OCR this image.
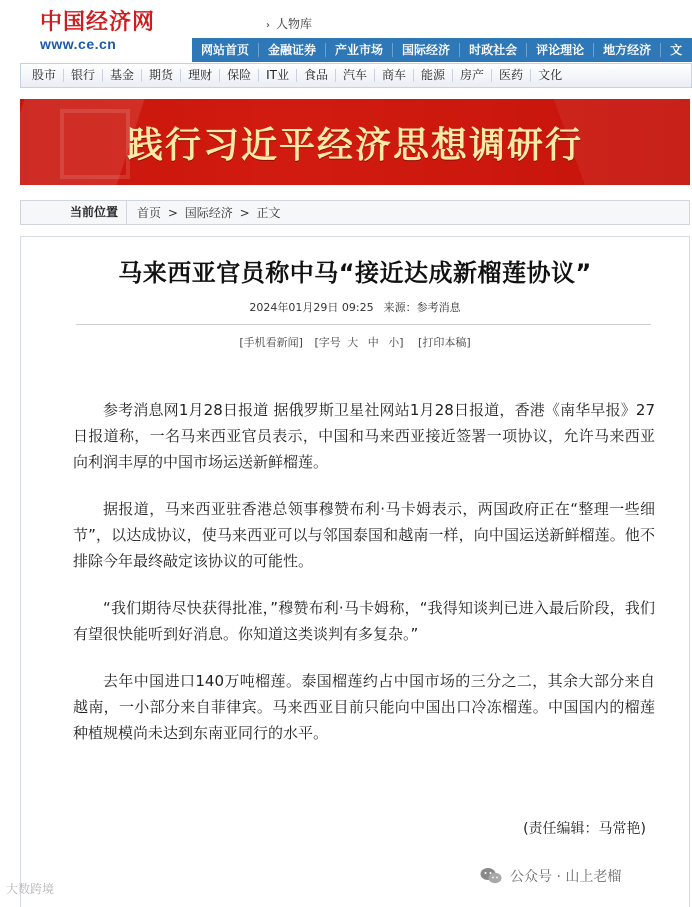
中国经济网
www.ce.cn
› 人物库
网站首页	金融证券	产业市场	国际经济	时政社会	评论理论	地方经济	文
股市	银行	基金	期货	理财	保险	IT业	食品	汽车	商车	能源	房产	医药	文化
践行习近平经济思想调研行
当前位置	首页 > 国际经济 > 正文
马来西亚官员称中马“接近达成新榴莲协议”
2024年01月29日 09:25 来源：参考消息
[手机看新闻] [字号 大 中 小] [打印本稿]

参考消息网1月28日报道 据俄罗斯卫星社网站1月28日报道，香港《南华早报》27日报道称，一名马来西亚官员表示，中国和马来西亚接近签署一项协议，允许马来西亚向利润丰厚的中国市场运送新鲜榴莲。

据报道，马来西亚驻香港总领事穆赞布利·马卡姆表示，两国政府正在“整理一些细节”，以达成协议，使马来西亚可以与邻国泰国和越南一样，向中国运送新鲜榴莲。他不排除今年最终敲定该协议的可能性。

“我们期待尽快获得批准，”穆赞布利·马卡姆称，“我得知谈判已进入最后阶段，我们有望很快能听到好消息。你知道这类谈判有多复杂。”

去年中国进口140万吨榴莲。泰国榴莲约占中国市场的三分之二，其余大部分来自越南，一小部分来自菲律宾。马来西亚目前只能向中国出口冷冻榴莲。中国国内的榴莲种植规模尚未达到东南亚同行的水平。

(责任编辑：马常艳)
公众号 · 山上老榴
大数跨境
